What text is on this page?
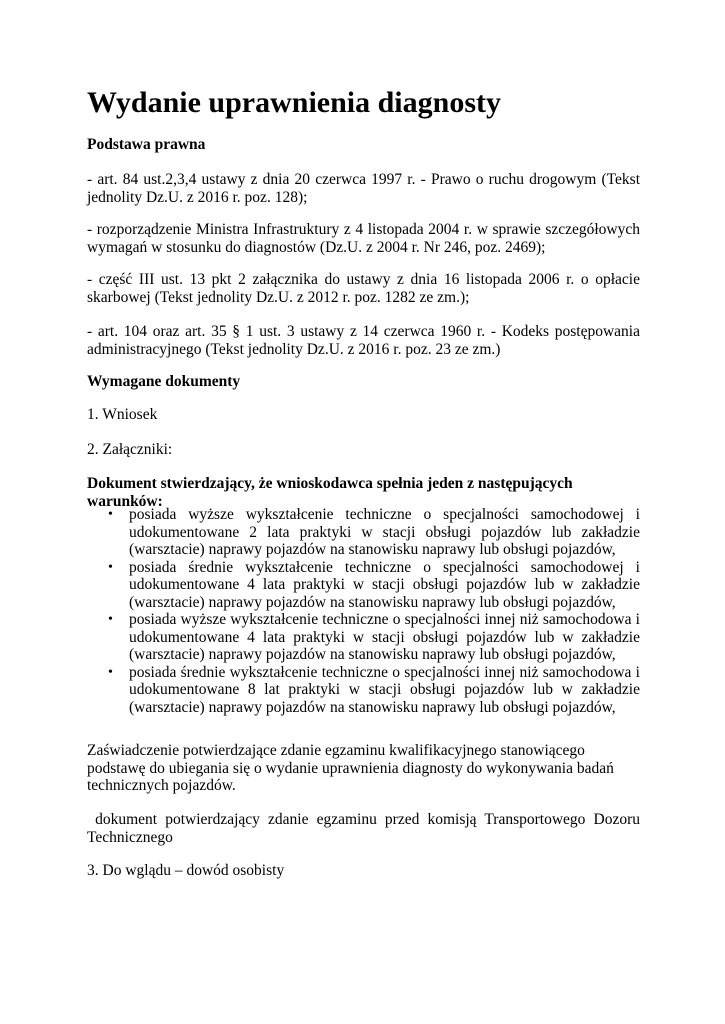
Wydanie uprawnienia diagnosty

Podstawa prawna

- art. 84 ust.2,3,4 ustawy z dnia 20 czerwca 1997 r. - Prawo o ruchu drogowym (Tekst jednolity Dz.U. z 2016 r. poz. 128);

- rozporządzenie Ministra Infrastruktury z 4 listopada 2004 r. w sprawie szczegółowych wymagań w stosunku do diagnostów (Dz.U. z 2004 r. Nr 246, poz. 2469);

- część III ust. 13 pkt 2 załącznika do ustawy z dnia 16 listopada 2006 r. o opłacie skarbowej (Tekst jednolity Dz.U. z 2012 r. poz. 1282 ze zm.);

- art. 104 oraz art. 35 § 1 ust. 3 ustawy z 14 czerwca 1960 r. - Kodeks postępowania administracyjnego (Tekst jednolity Dz.U. z 2016 r. poz. 23 ze zm.)

Wymagane dokumenty

1. Wniosek

2. Załączniki:

Dokument stwierdzający, że wnioskodawca spełnia jeden z następujących warunków:

• posiada wyższe wykształcenie techniczne o specjalności samochodowej i udokumentowane 2 lata praktyki w stacji obsługi pojazdów lub zakładzie (warsztacie) naprawy pojazdów na stanowisku naprawy lub obsługi pojazdów,
• posiada średnie wykształcenie techniczne o specjalności samochodowej i udokumentowane 4 lata praktyki w stacji obsługi pojazdów lub w zakładzie (warsztacie) naprawy pojazdów na stanowisku naprawy lub obsługi pojazdów,
• posiada wyższe wykształcenie techniczne o specjalności innej niż samochodowa i udokumentowane 4 lata praktyki w stacji obsługi pojazdów lub w zakładzie (warsztacie) naprawy pojazdów na stanowisku naprawy lub obsługi pojazdów,
• posiada średnie wykształcenie techniczne o specjalności innej niż samochodowa i udokumentowane 8 lat praktyki w stacji obsługi pojazdów lub w zakładzie (warsztacie) naprawy pojazdów na stanowisku naprawy lub obsługi pojazdów,

Zaświadczenie potwierdzające zdanie egzaminu kwalifikacyjnego stanowiącego podstawę do ubiegania się o wydanie uprawnienia diagnosty do wykonywania badań technicznych pojazdów.

dokument potwierdzający zdanie egzaminu przed komisją Transportowego Dozoru Technicznego

3. Do wglądu – dowód osobisty
